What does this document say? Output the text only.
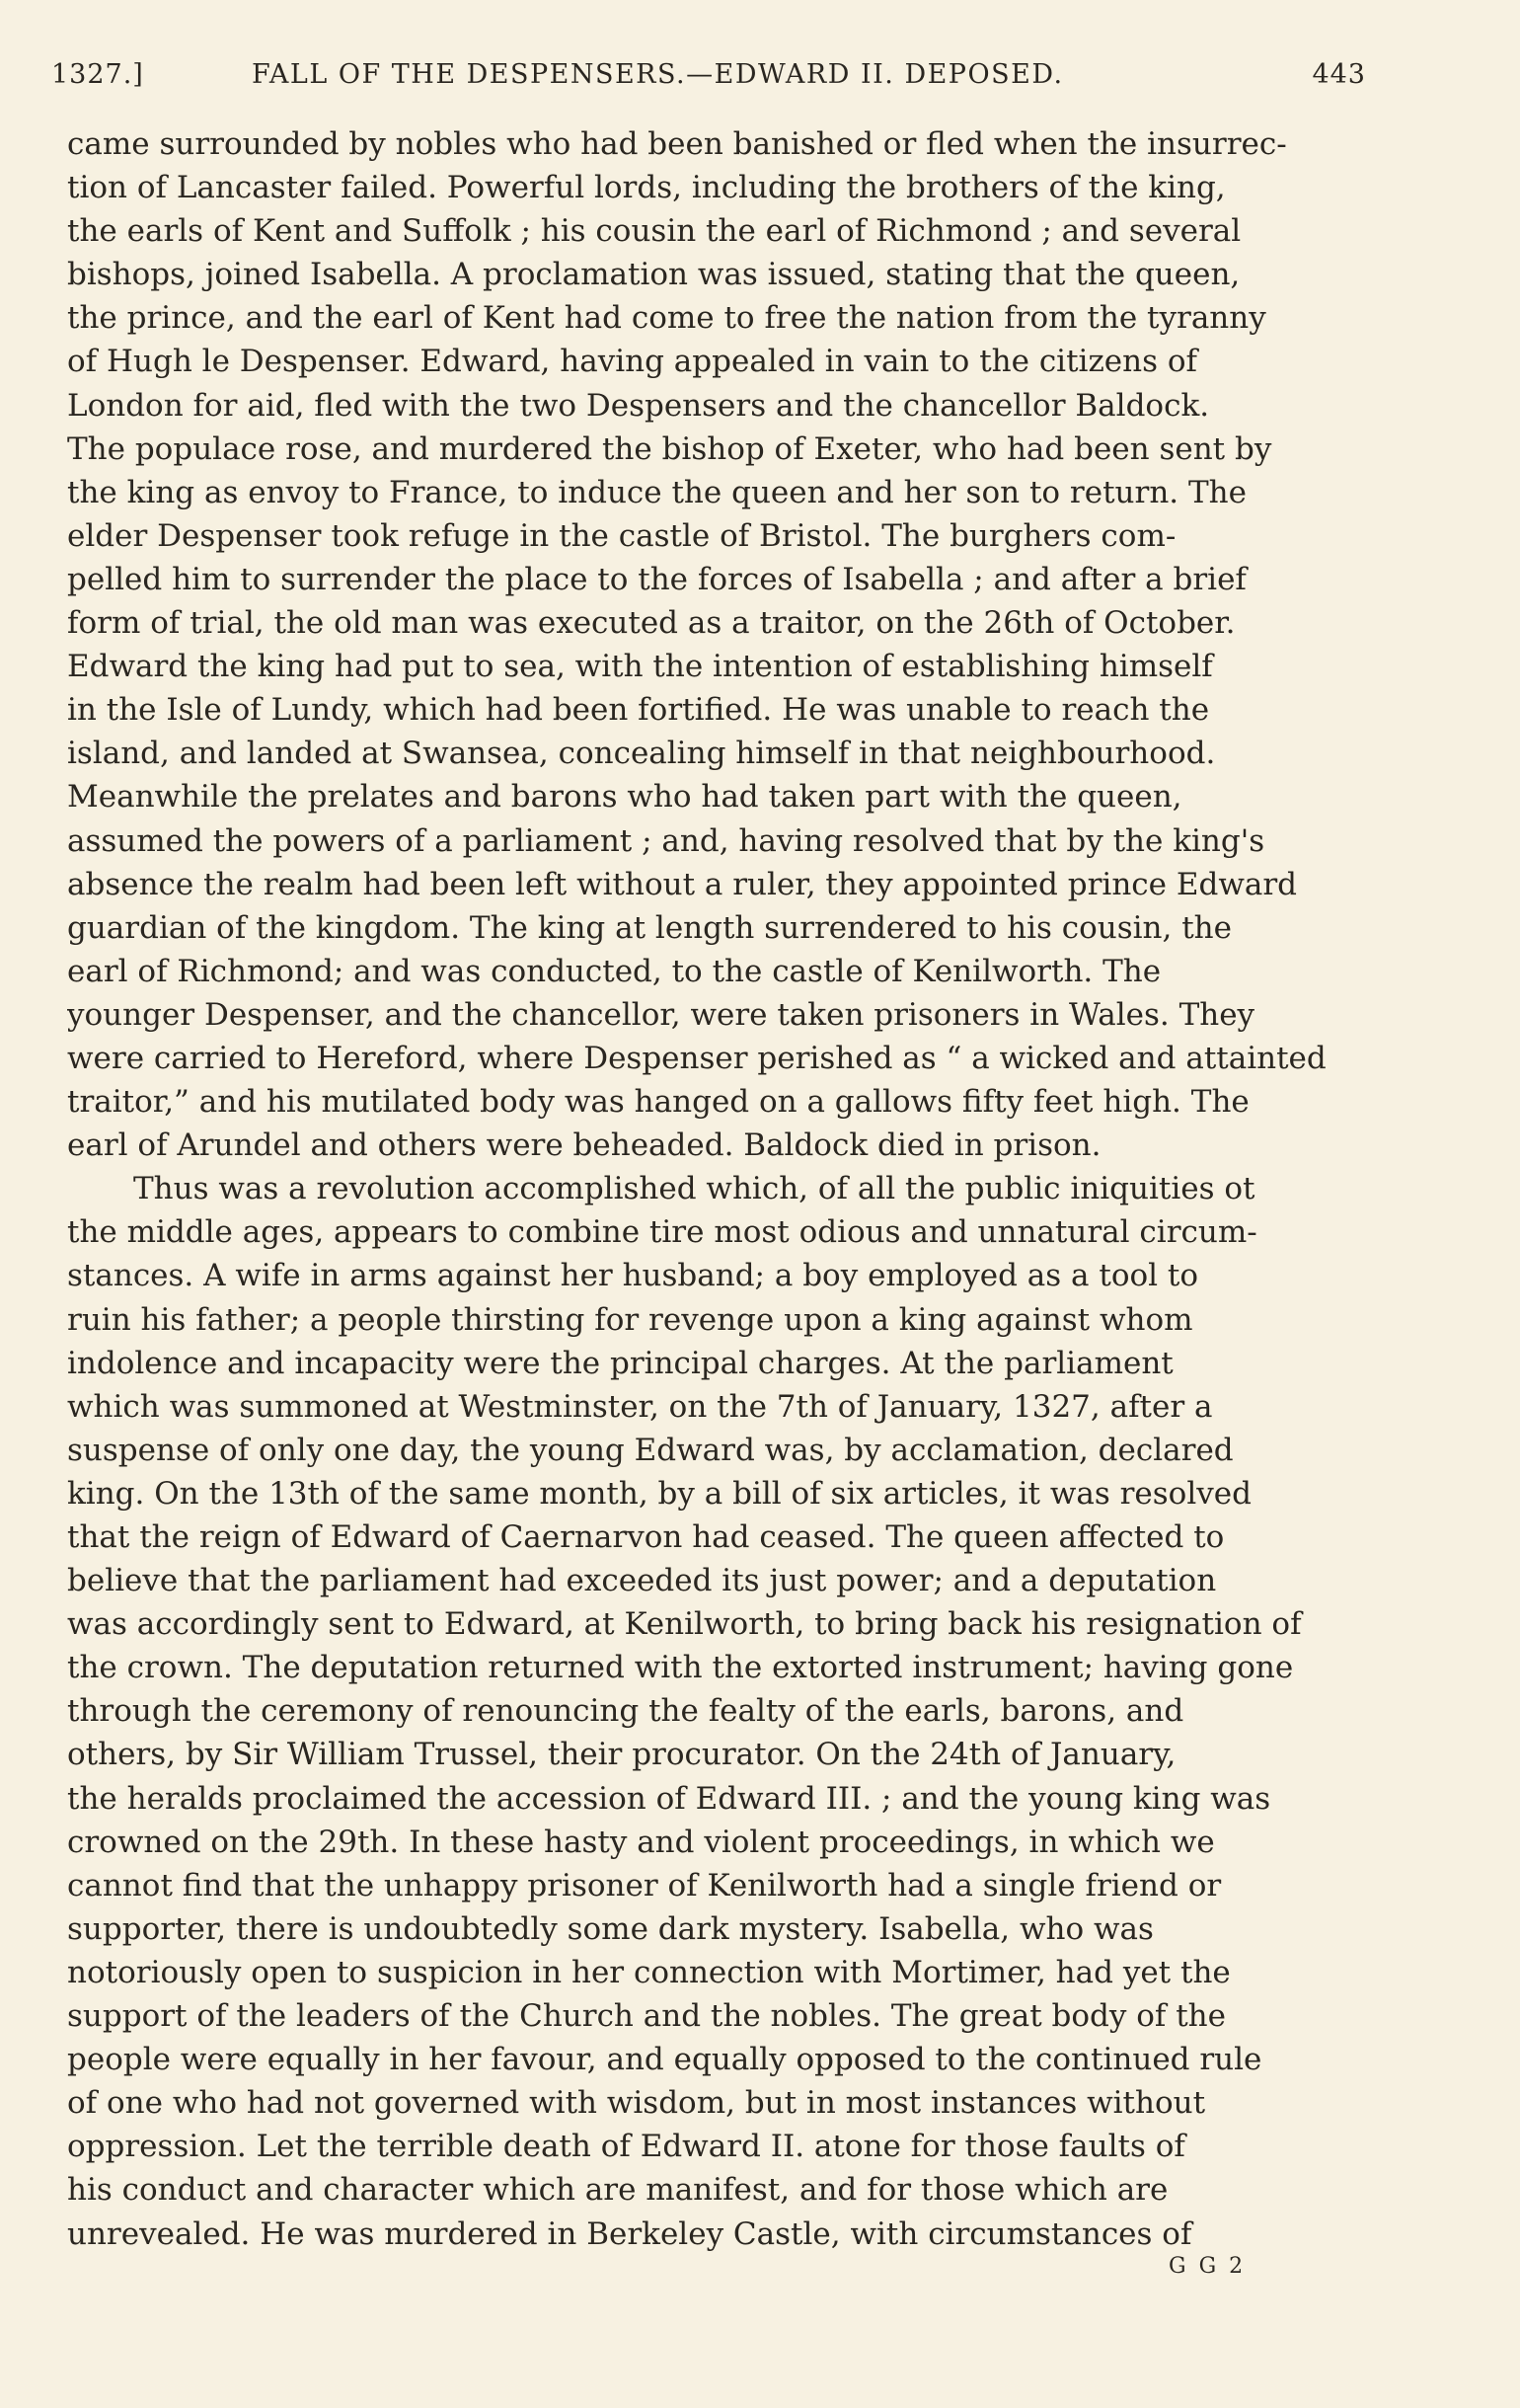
1327.]	FALL OF THE DESPENSERS.—EDWARD II. DEPOSED.	443
came surrounded by nobles who had been banished or fled when the insurrec-
tion of Lancaster failed. Powerful lords, including the brothers of the king,
the earls of Kent and Suffolk ; his cousin the earl of Richmond ; and several
bishops, joined Isabella. A proclamation was issued, stating that the queen,
the prince, and the earl of Kent had come to free the nation from the tyranny
of Hugh le Despenser. Edward, having appealed in vain to the citizens of
London for aid, fled with the two Despensers and the chancellor Baldock.
The populace rose, and murdered the bishop of Exeter, who had been sent by
the king as envoy to France, to induce the queen and her son to return. The
elder Despenser took refuge in the castle of Bristol. The burghers com-
pelled him to surrender the place to the forces of Isabella ; and after a brief
form of trial, the old man was executed as a traitor, on the 26th of October.
Edward the king had put to sea, with the intention of establishing himself
in the Isle of Lundy, which had been fortified. He was unable to reach the
island, and landed at Swansea, concealing himself in that neighbourhood.
Meanwhile the prelates and barons who had taken part with the queen,
assumed the powers of a parliament ; and, having resolved that by the king's
absence the realm had been left without a ruler, they appointed prince Edward
guardian of the kingdom. The king at length surrendered to his cousin, the
earl of Richmond; and was conducted, to the castle of Kenilworth. The
younger Despenser, and the chancellor, were taken prisoners in Wales. They
were carried to Hereford, where Despenser perished as “ a wicked and attainted
traitor,” and his mutilated body was hanged on a gallows fifty feet high. The
earl of Arundel and others were beheaded. Baldock died in prison.
Thus was a revolution accomplished which, of all the public iniquities ot
the middle ages, appears to combine tire most odious and unnatural circum-
stances. A wife in arms against her husband; a boy employed as a tool to
ruin his father; a people thirsting for revenge upon a king against whom
indolence and incapacity were the principal charges. At the parliament
which was summoned at Westminster, on the 7th of January, 1327, after a
suspense of only one day, the young Edward was, by acclamation, declared
king. On the 13th of the same month, by a bill of six articles, it was resolved
that the reign of Edward of Caernarvon had ceased. The queen affected to
believe that the parliament had exceeded its just power; and a deputation
was accordingly sent to Edward, at Kenilworth, to bring back his resignation of
the crown. The deputation returned with the extorted instrument; having gone
through the ceremony of renouncing the fealty of the earls, barons, and
others, by Sir William Trussel, their procurator. On the 24th of January,
the heralds proclaimed the accession of Edward III. ; and the young king was
crowned on the 29th. In these hasty and violent proceedings, in which we
cannot find that the unhappy prisoner of Kenilworth had a single friend or
supporter, there is undoubtedly some dark mystery. Isabella, who was
notoriously open to suspicion in her connection with Mortimer, had yet the
support of the leaders of the Church and the nobles. The great body of the
people were equally in her favour, and equally opposed to the continued rule
of one who had not governed with wisdom, but in most instances without
oppression. Let the terrible death of Edward II. atone for those faults of
his conduct and character which are manifest, and for those which are
unrevealed. He was murdered in Berkeley Castle, with circumstances of
G G 2
